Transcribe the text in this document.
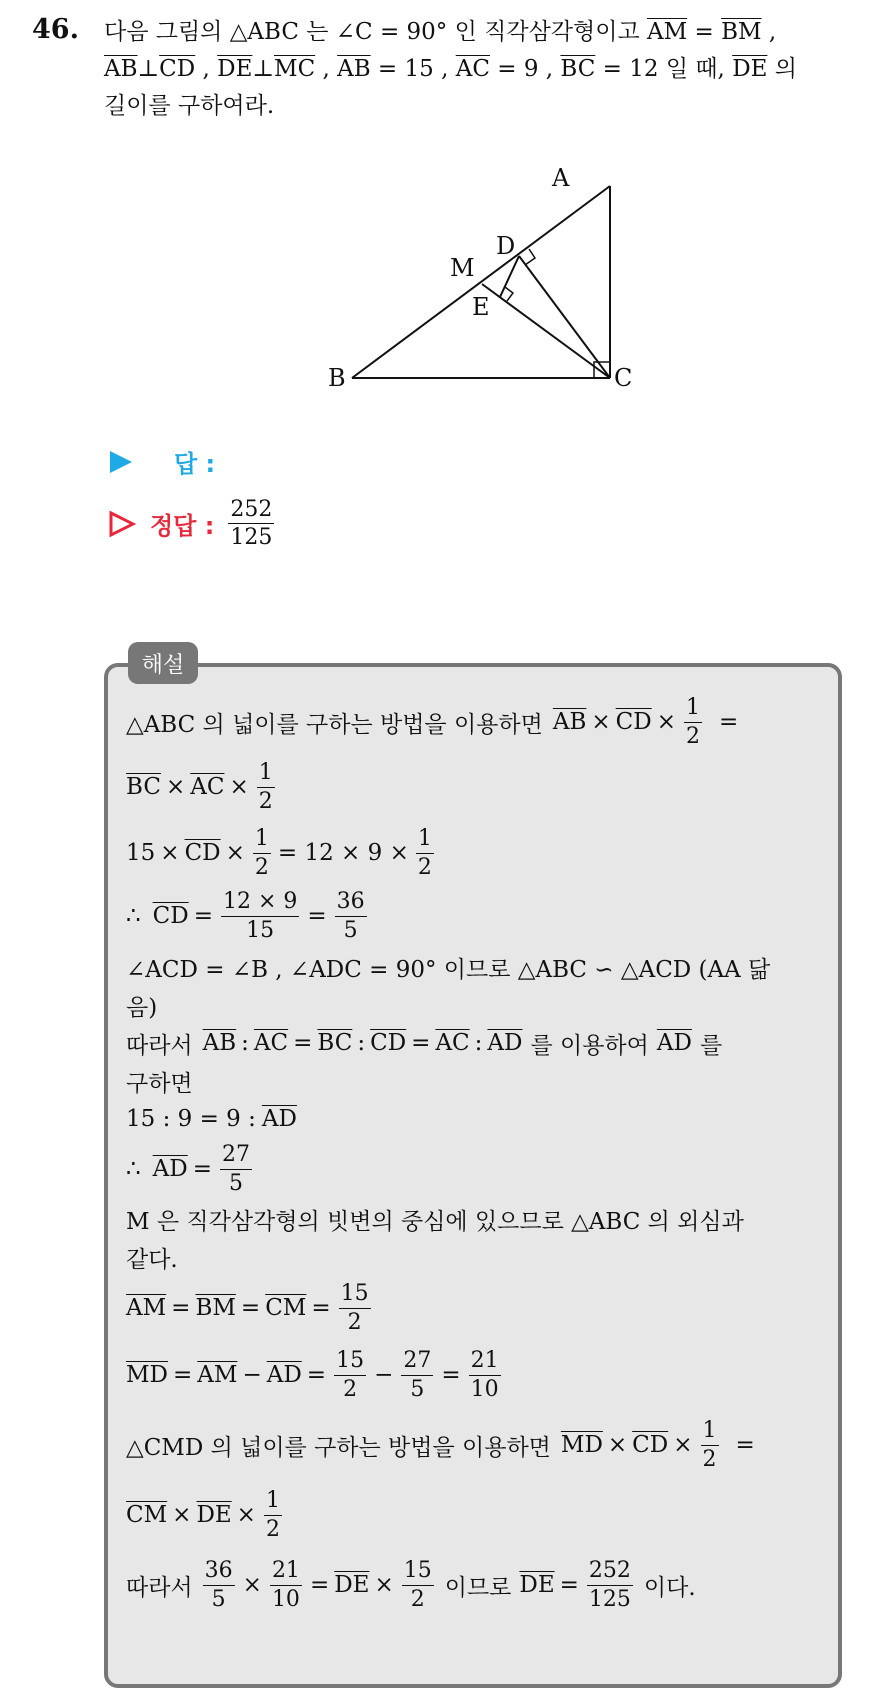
46. 다음 그림의 △ABC 는 ∠C = 90° 인 직각삼각형이고 $\overline{AM} = \overline{BM}$ ,
$\overline{AB}\perp\overline{CD}$ , $\overline{DE}\perp\overline{MC}$ , $\overline{AB} = 15$ , $\overline{AC} = 9$ , $\overline{BC} = 12$ 일 때, $\overline{DE}$ 의
길이를 구하여라.
A
B	C
D
E
M
답 :
정답 : $\frac{252}{125}$
해설
△ABC 의 넓이를 구하는 방법을 이용하면 $\overline{AB} \times \overline{CD} \times \frac{1}{2}$ =
$\overline{BC} \times \overline{AC} \times \frac{1}{2}$
$15 \times \overline{CD} \times \frac{1}{2} = 12 \times 9 \times \frac{1}{2}$
∴ $\overline{CD} = \frac{12 \times 9}{15} = \frac{36}{5}$
∠ACD = ∠B , ∠ADC = 90° 이므로 △ABC ∽ △ACD (AA 닮
음)
따라서 $\overline{AB}$ : $\overline{AC} = \overline{BC}$ : $\overline{CD} = \overline{AC}$ : $\overline{AD}$ 를 이용하여 $\overline{AD}$ 를
구하면
15 : 9 = 9 : $\overline{AD}$
∴ $\overline{AD} = \frac{27}{5}$
M 은 직각삼각형의 빗변의 중심에 있으므로 △ABC 의 외심과
같다.
$\overline{AM} = \overline{BM} = \overline{CM} = \frac{15}{2}$
$\overline{MD} = \overline{AM} - \overline{AD} = \frac{15}{2} - \frac{27}{5} = \frac{21}{10}$
△CMD 의 넓이를 구하는 방법을 이용하면 $\overline{MD} \times \overline{CD} \times \frac{1}{2}$ =
$\overline{CM} \times \overline{DE} \times \frac{1}{2}$
따라서 $\frac{36}{5} \times \frac{21}{10} = \overline{DE} \times \frac{15}{2}$ 이므로 $\overline{DE} = \frac{252}{125}$ 이다.
